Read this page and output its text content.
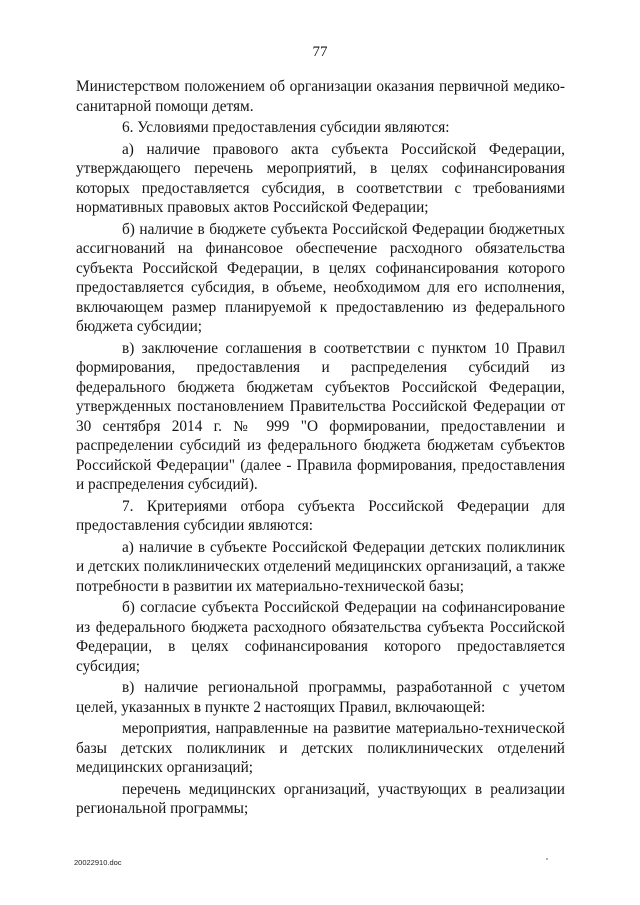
77

Министерством положением об организации оказания первичной медико-санитарной помощи детям.

6. Условиями предоставления субсидии являются:

а) наличие правового акта субъекта Российской Федерации, утверждающего перечень мероприятий, в целях софинансирования которых предоставляется субсидия, в соответствии с требованиями нормативных правовых актов Российской Федерации;

б) наличие в бюджете субъекта Российской Федерации бюджетных ассигнований на финансовое обеспечение расходного обязательства субъекта Российской Федерации, в целях софинансирования которого предоставляется субсидия, в объеме, необходимом для его исполнения, включающем размер планируемой к предоставлению из федерального бюджета субсидии;

в) заключение соглашения в соответствии с пунктом 10 Правил формирования, предоставления и распределения субсидий из федерального бюджета бюджетам субъектов Российской Федерации, утвержденных постановлением Правительства Российской Федерации от 30 сентября 2014 г. № 999 "О формировании, предоставлении и распределении субсидий из федерального бюджета бюджетам субъектов Российской Федерации" (далее - Правила формирования, предоставления и распределения субсидий).

7. Критериями отбора субъекта Российской Федерации для предоставления субсидии являются:

а) наличие в субъекте Российской Федерации детских поликлиник и детских поликлинических отделений медицинских организаций, а также потребности в развитии их материально-технической базы;

б) согласие субъекта Российской Федерации на софинансирование из федерального бюджета расходного обязательства субъекта Российской Федерации, в целях софинансирования которого предоставляется субсидия;

в) наличие региональной программы, разработанной с учетом целей, указанных в пункте 2 настоящих Правил, включающей:

мероприятия, направленные на развитие материально-технической базы детских поликлиник и детских поликлинических отделений медицинских организаций;

перечень медицинских организаций, участвующих в реализации региональной программы;

20022910.doc
